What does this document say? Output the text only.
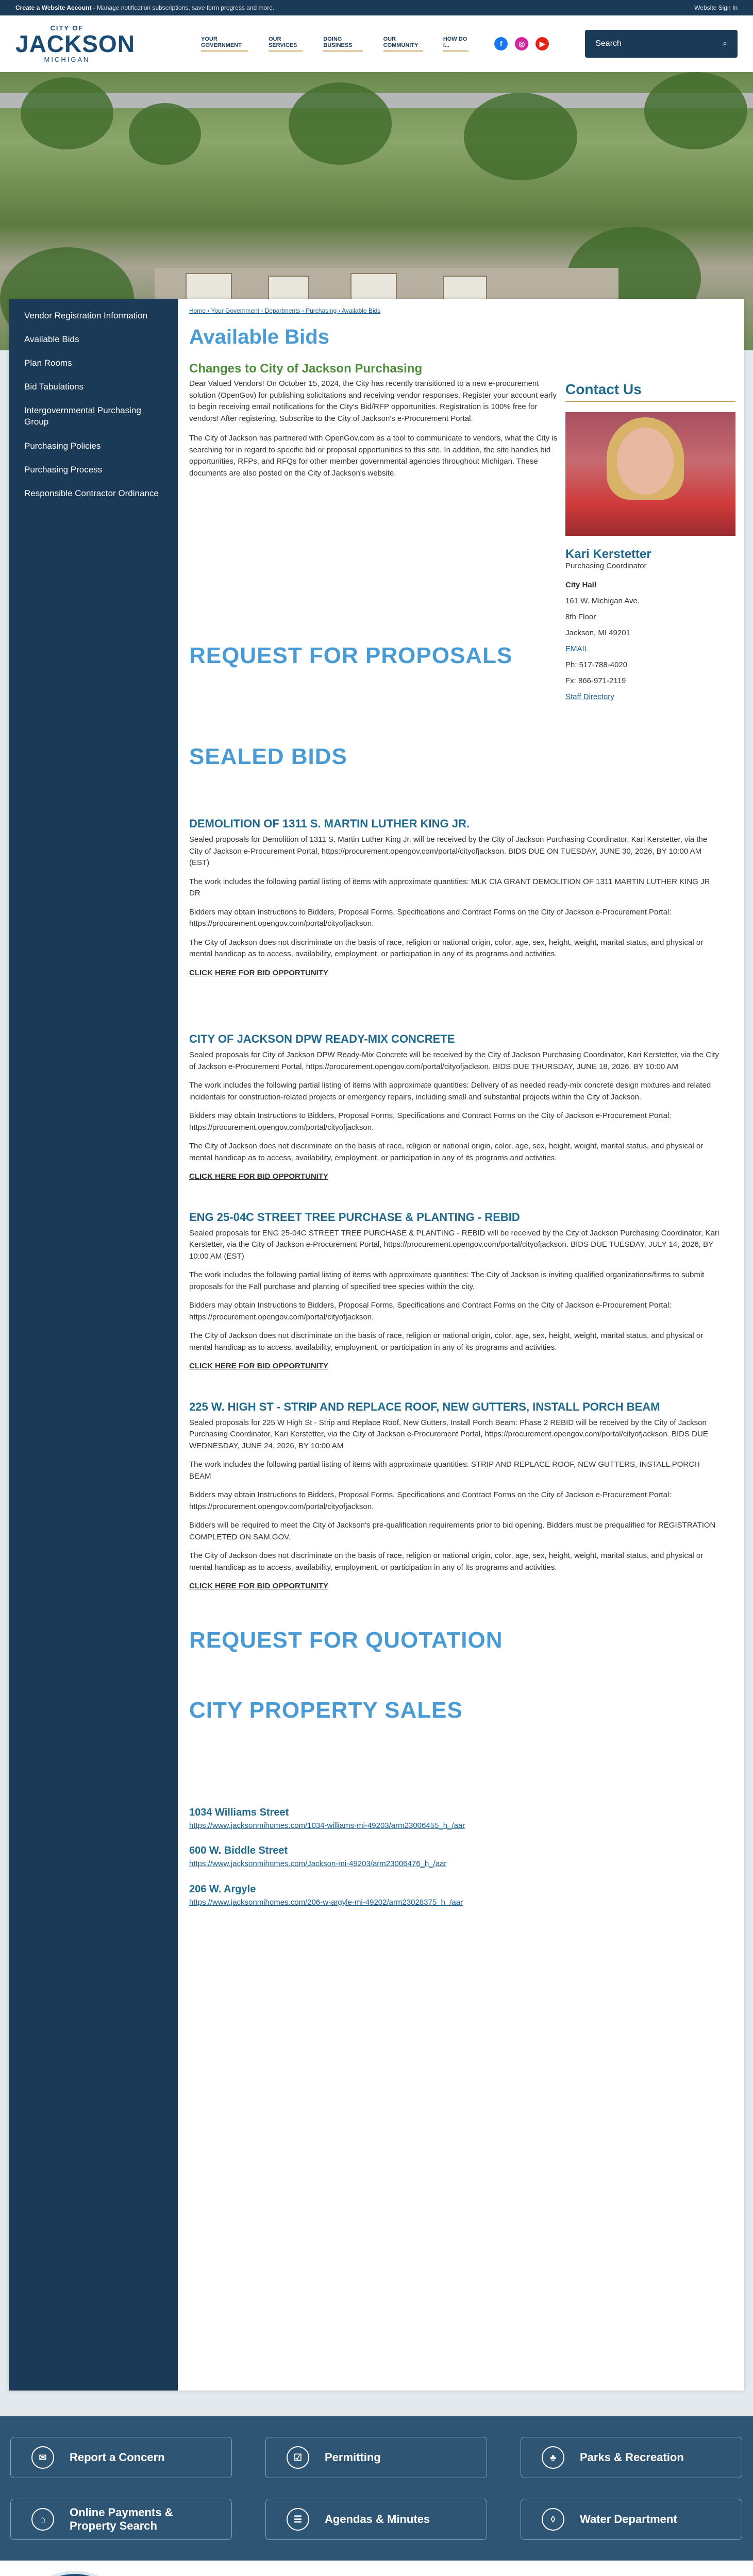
Create a Website Account - Manage notification subscriptions, save form progress and more.	Website Sign In
CITY OF
JACKSON
MICHIGAN
YOUR GOVERNMENT
OUR SERVICES
DOING BUSINESS
OUR COMMUNITY
HOW DO I...	f	◎	▶	Search	⌕
Vendor Registration Information
Available Bids
Plan Rooms
Bid Tabulations
Intergovernmental Purchasing Group
Purchasing Policies
Purchasing Process
Responsible Contractor Ordinance
Home › Your Government › Departments › Purchasing › Available Bids
Available Bids
Changes to City of Jackson Purchasing

Dear Valued Vendors! On October 15, 2024, the City has recently transitioned to a new e-procurement solution (OpenGov) for publishing solicitations and receiving vendor responses. Register your account early to begin receiving email notifications for the City's Bid/RFP opportunities. Registration is 100% free for vendors! After registering, Subscribe to the City of Jackson's e-Procurement Portal.

The City of Jackson has partnered with OpenGov.com as a tool to communicate to vendors, what the City is searching for in regard to specific bid or proposal opportunities to this site. In addition, the site handles bid opportunities, RFPs, and RFQs for other member governmental agencies throughout Michigan. These documents are also posted on the City of Jackson's website.

REQUEST FOR PROPOSALS
SEALED BIDS
DEMOLITION OF 1311 S. MARTIN LUTHER KING JR.

Sealed proposals for Demolition of 1311 S. Martin Luther King Jr. will be received by the City of Jackson Purchasing Coordinator, Kari Kerstetter, via the City of Jackson e-Procurement Portal, https://procurement.opengov.com/portal/cityofjackson. BIDS DUE ON TUESDAY, JUNE 30, 2026, BY 10:00 AM (EST)

The work includes the following partial listing of items with approximate quantities: MLK CIA GRANT DEMOLITION OF 1311 MARTIN LUTHER KING JR DR

Bidders may obtain Instructions to Bidders, Proposal Forms, Specifications and Contract Forms on the City of Jackson e-Procurement Portal: https://procurement.opengov.com/portal/cityofjackson.

The City of Jackson does not discriminate on the basis of race, religion or national origin, color, age, sex, height, weight, marital status, and physical or mental handicap as to access, availability, employment, or participation in any of its programs and activities.

CLICK HERE FOR BID OPPORTUNITY

CITY OF JACKSON DPW READY-MIX CONCRETE

Sealed proposals for City of Jackson DPW Ready-Mix Concrete will be received by the City of Jackson Purchasing Coordinator, Kari Kerstetter, via the City of Jackson e-Procurement Portal, https://procurement.opengov.com/portal/cityofjackson. BIDS DUE THURSDAY, JUNE 18, 2026, BY 10:00 AM

The work includes the following partial listing of items with approximate quantities: Delivery of as needed ready-mix concrete design mixtures and related incidentals for construction-related projects or emergency repairs, including small and substantial projects within the City of Jackson.

Bidders may obtain Instructions to Bidders, Proposal Forms, Specifications and Contract Forms on the City of Jackson e-Procurement Portal: https://procurement.opengov.com/portal/cityofjackson.

The City of Jackson does not discriminate on the basis of race, religion or national origin, color, age, sex, height, weight, marital status, and physical or mental handicap as to access, availability, employment, or participation in any of its programs and activities.

CLICK HERE FOR BID OPPORTUNITY

ENG 25-04C STREET TREE PURCHASE & PLANTING - REBID

Sealed proposals for ENG 25-04C STREET TREE PURCHASE & PLANTING - REBID will be received by the City of Jackson Purchasing Coordinator, Kari Kerstetter, via the City of Jackson e-Procurement Portal, https://procurement.opengov.com/portal/cityofjackson. BIDS DUE TUESDAY, JULY 14, 2026, BY 10:00 AM (EST)

The work includes the following partial listing of items with approximate quantities: The City of Jackson is inviting qualified organizations/firms to submit proposals for the Fall purchase and planting of specified tree species within the city.

Bidders may obtain Instructions to Bidders, Proposal Forms, Specifications and Contract Forms on the City of Jackson e-Procurement Portal: https://procurement.opengov.com/portal/cityofjackson.

The City of Jackson does not discriminate on the basis of race, religion or national origin, color, age, sex, height, weight, marital status, and physical or mental handicap as to access, availability, employment, or participation in any of its programs and activities.

CLICK HERE FOR BID OPPORTUNITY

225 W. HIGH ST - STRIP AND REPLACE ROOF, NEW GUTTERS, INSTALL PORCH BEAM

Sealed proposals for 225 W High St - Strip and Replace Roof, New Gutters, Install Porch Beam: Phase 2 REBID will be received by the City of Jackson Purchasing Coordinator, Kari Kerstetter, via the City of Jackson e-Procurement Portal, https://procurement.opengov.com/portal/cityofjackson. BIDS DUE WEDNESDAY, JUNE 24, 2026, BY 10:00 AM

The work includes the following partial listing of items with approximate quantities: STRIP AND REPLACE ROOF, NEW GUTTERS, INSTALL PORCH BEAM

Bidders may obtain Instructions to Bidders, Proposal Forms, Specifications and Contract Forms on the City of Jackson e-Procurement Portal: https://procurement.opengov.com/portal/cityofjackson.

Bidders will be required to meet the City of Jackson's pre-qualification requirements prior to bid opening. Bidders must be prequalified for REGISTRATION COMPLETED ON SAM.GOV.

The City of Jackson does not discriminate on the basis of race, religion or national origin, color, age, sex, height, weight, marital status, and physical or mental handicap as to access, availability, employment, or participation in any of its programs and activities.

CLICK HERE FOR BID OPPORTUNITY

REQUEST FOR QUOTATION
CITY PROPERTY SALES
1034 Williams Street
https://www.jacksonmihomes.com/1034-williams-mi-49203/arm23006455_h_/aar
600 W. Biddle Street
https://www.jacksonmihomes.com/Jackson-mi-49203/arm23006476_h_/aar
206 W. Argyle
https://www.jacksonmihomes.com/206-w-argyle-mi-49202/arm23028375_h_/aar
Contact Us
Kari Kerstetter
Purchasing Coordinator
City Hall
161 W. Michigan Ave.
8th Floor
Jackson, MI 49201
EMAIL
Ph: 517-788-4020
Fx: 866-971-2119
Staff Directory
✉	Report a Concern	☑	Permitting	♣	Parks & Recreation
⌂
Online Payments & Property Search
☰	Agendas & Minutes	◊	Water Department
